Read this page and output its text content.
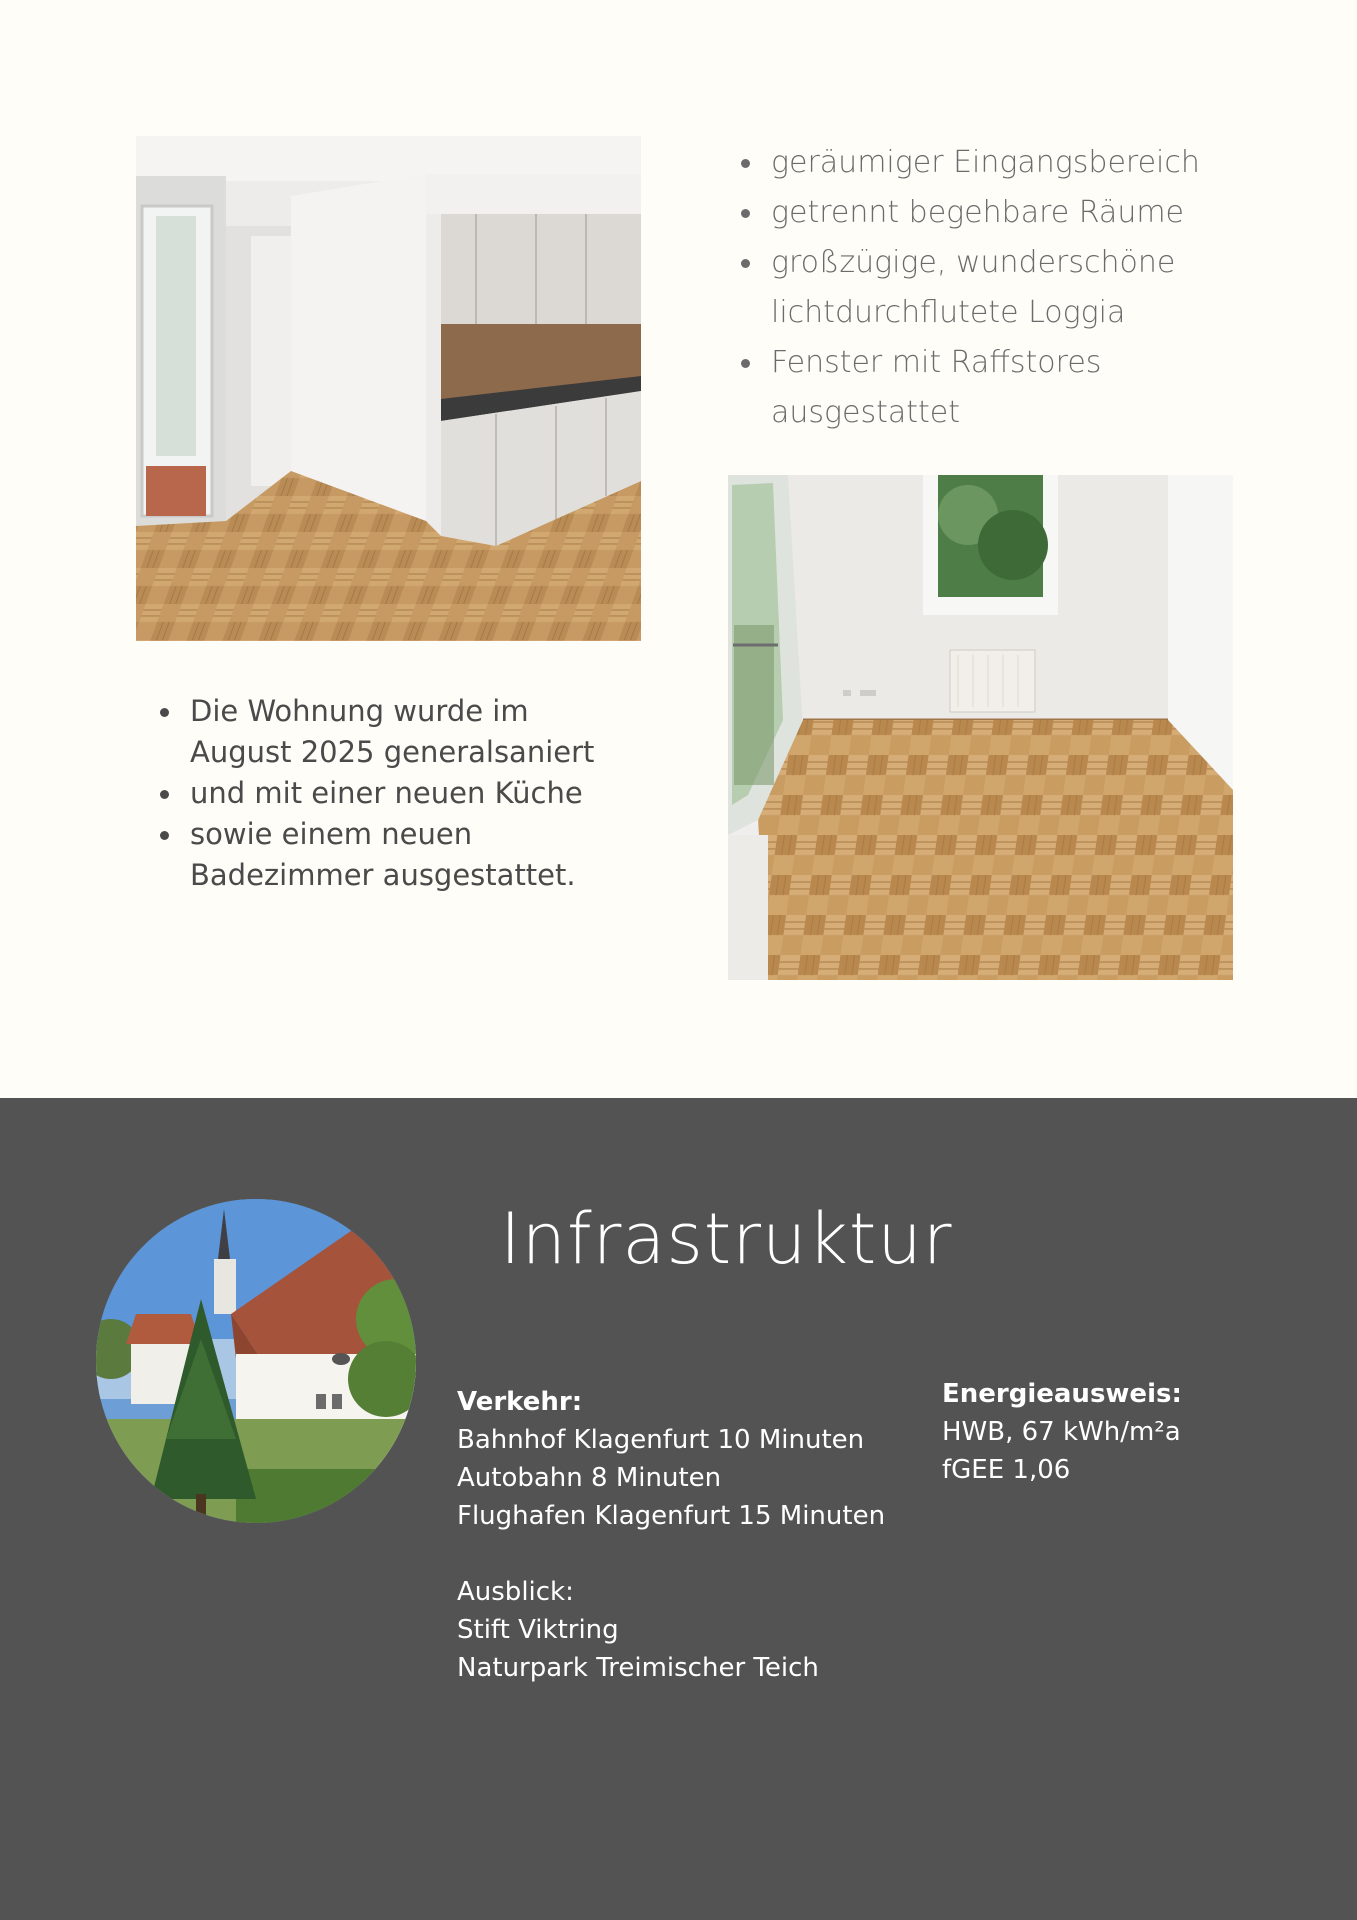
geräumiger Eingangsbereich
getrennt begehbare Räume
großzügige, wunderschöne lichtdurchflutete Loggia
Fenster mit Raffstores ausgestattet
Die Wohnung wurde im August 2025 generalsaniert
und mit einer neuen Küche
sowie einem neuen Badezimmer ausgestattet.
Infrastruktur
Verkehr:
Bahnhof Klagenfurt 10 Minuten
Autobahn 8 Minuten
Flughafen Klagenfurt 15 Minuten
Ausblick:
Stift Viktring
Naturpark Treimischer Teich
Energieausweis:
HWB, 67 kWh/m²a
fGEE 1,06
